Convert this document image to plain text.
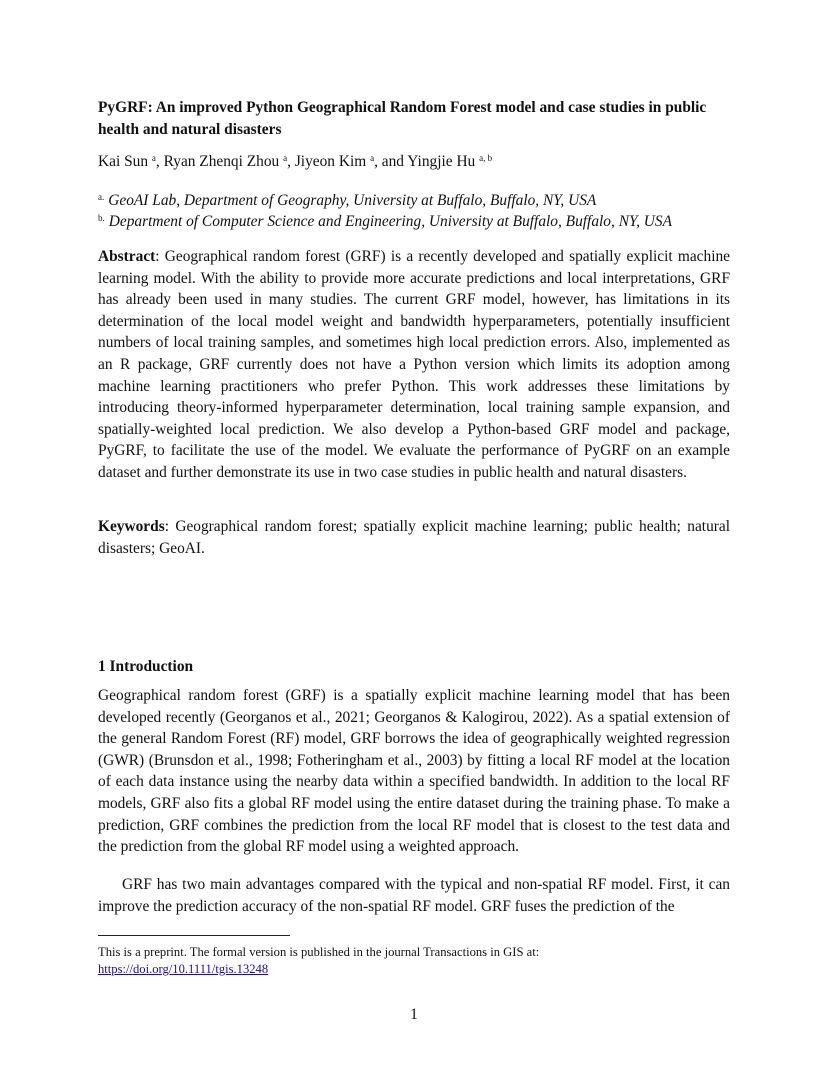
PyGRF: An improved Python Geographical Random Forest model and case studies in public health and natural disasters
Kai Sun $^a$, Ryan Zhenqi Zhou $^a$, Jiyeon Kim $^a$, and Yingjie Hu $^{a, b}$
$^{a.}$ GeoAI Lab, Department of Geography, University at Buffalo, Buffalo, NY, USA
$^{b.}$ Department of Computer Science and Engineering, University at Buffalo, Buffalo, NY, USA
Abstract: Geographical random forest (GRF) is a recently developed and spatially explicit machine learning model. With the ability to provide more accurate predictions and local interpretations, GRF has already been used in many studies. The current GRF model, however, has limitations in its determination of the local model weight and bandwidth hyperparameters, potentially insufficient numbers of local training samples, and sometimes high local prediction errors. Also, implemented as an R package, GRF currently does not have a Python version which limits its adoption among machine learning practitioners who prefer Python. This work addresses these limitations by introducing theory-informed hyperparameter determination, local training sample expansion, and spatially-weighted local prediction. We also develop a Python-based GRF model and package, PyGRF, to facilitate the use of the model. We evaluate the performance of PyGRF on an example dataset and further demonstrate its use in two case studies in public health and natural disasters.
Keywords: Geographical random forest; spatially explicit machine learning; public health; natural disasters; GeoAI.
1 Introduction
Geographical random forest (GRF) is a spatially explicit machine learning model that has been developed recently (Georganos et al., 2021; Georganos & Kalogirou, 2022). As a spatial extension of the general Random Forest (RF) model, GRF borrows the idea of geographically weighted regression (GWR) (Brunsdon et al., 1998; Fotheringham et al., 2003) by fitting a local RF model at the location of each data instance using the nearby data within a specified bandwidth. In addition to the local RF models, GRF also fits a global RF model using the entire dataset during the training phase. To make a prediction, GRF combines the prediction from the local RF model that is closest to the test data and the prediction from the global RF model using a weighted approach.
GRF has two main advantages compared with the typical and non-spatial RF model. First, it can improve the prediction accuracy of the non-spatial RF model. GRF fuses the prediction of the
This is a preprint. The formal version is published in the journal Transactions in GIS at:
https://doi.org/10.1111/tgis.13248
1
